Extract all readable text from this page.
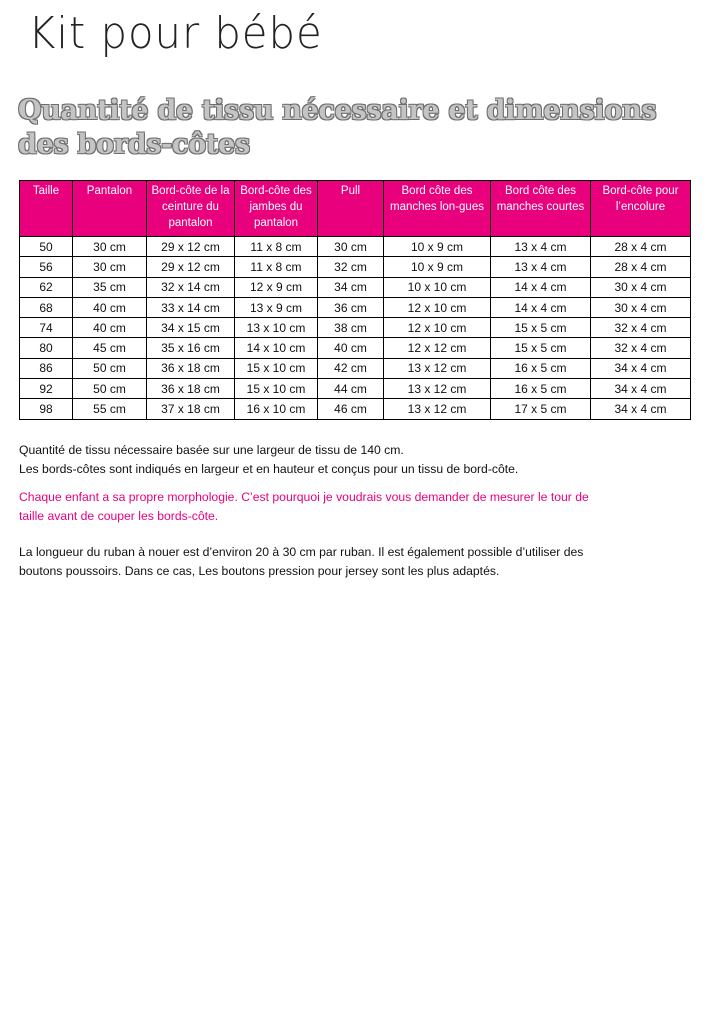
Kit pour bébé
Quantité de tissu nécessaire et dimensions
des bords-côtes
Taille	Pantalon	Bord-côte de la ceinture du pantalon	Bord-côte des jambes du pantalon	Pull	Bord côte des manches lon-gues	Bord côte des manches courtes	Bord-côte pour l’encolure
50	30 cm	29 x 12 cm	11 x 8 cm	30 cm	10 x 9 cm	13 x 4 cm	28 x 4 cm
56	30 cm	29 x 12 cm	11 x 8 cm	32 cm	10 x 9 cm	13 x 4 cm	28 x 4 cm
62	35 cm	32 x 14 cm	12 x 9 cm	34 cm	10 x 10 cm	14 x 4 cm	30 x 4 cm
68	40 cm	33 x 14 cm	13 x 9 cm	36 cm	12 x 10 cm	14 x 4 cm	30 x 4 cm
74	40 cm	34 x 15 cm	13 x 10 cm	38 cm	12 x 10 cm	15 x 5 cm	32 x 4 cm
80	45 cm	35 x 16 cm	14 x 10 cm	40 cm	12 x 12 cm	15 x 5 cm	32 x 4 cm
86	50 cm	36 x 18 cm	15 x 10 cm	42 cm	13 x 12 cm	16 x 5 cm	34 x 4 cm
92	50 cm	36 x 18 cm	15 x 10 cm	44 cm	13 x 12 cm	16 x 5 cm	34 x 4 cm
98	55 cm	37 x 18 cm	16 x 10 cm	46 cm	13 x 12 cm	17 x 5 cm	34 x 4 cm

Quantité de tissu nécessaire basée sur une largeur de tissu de 140 cm.

Les bords-côtes sont indiqués en largeur et en hauteur et conçus pour un tissu de bord-côte.

Chaque enfant a sa propre morphologie. C’est pourquoi je voudrais vous demander de mesurer le tour de
taille avant de couper les bords-côte.

La longueur du ruban à nouer est d’environ 20 à 30 cm par ruban. Il est également possible d’utiliser des
boutons poussoirs. Dans ce cas, Les boutons pression pour jersey sont les plus adaptés.
